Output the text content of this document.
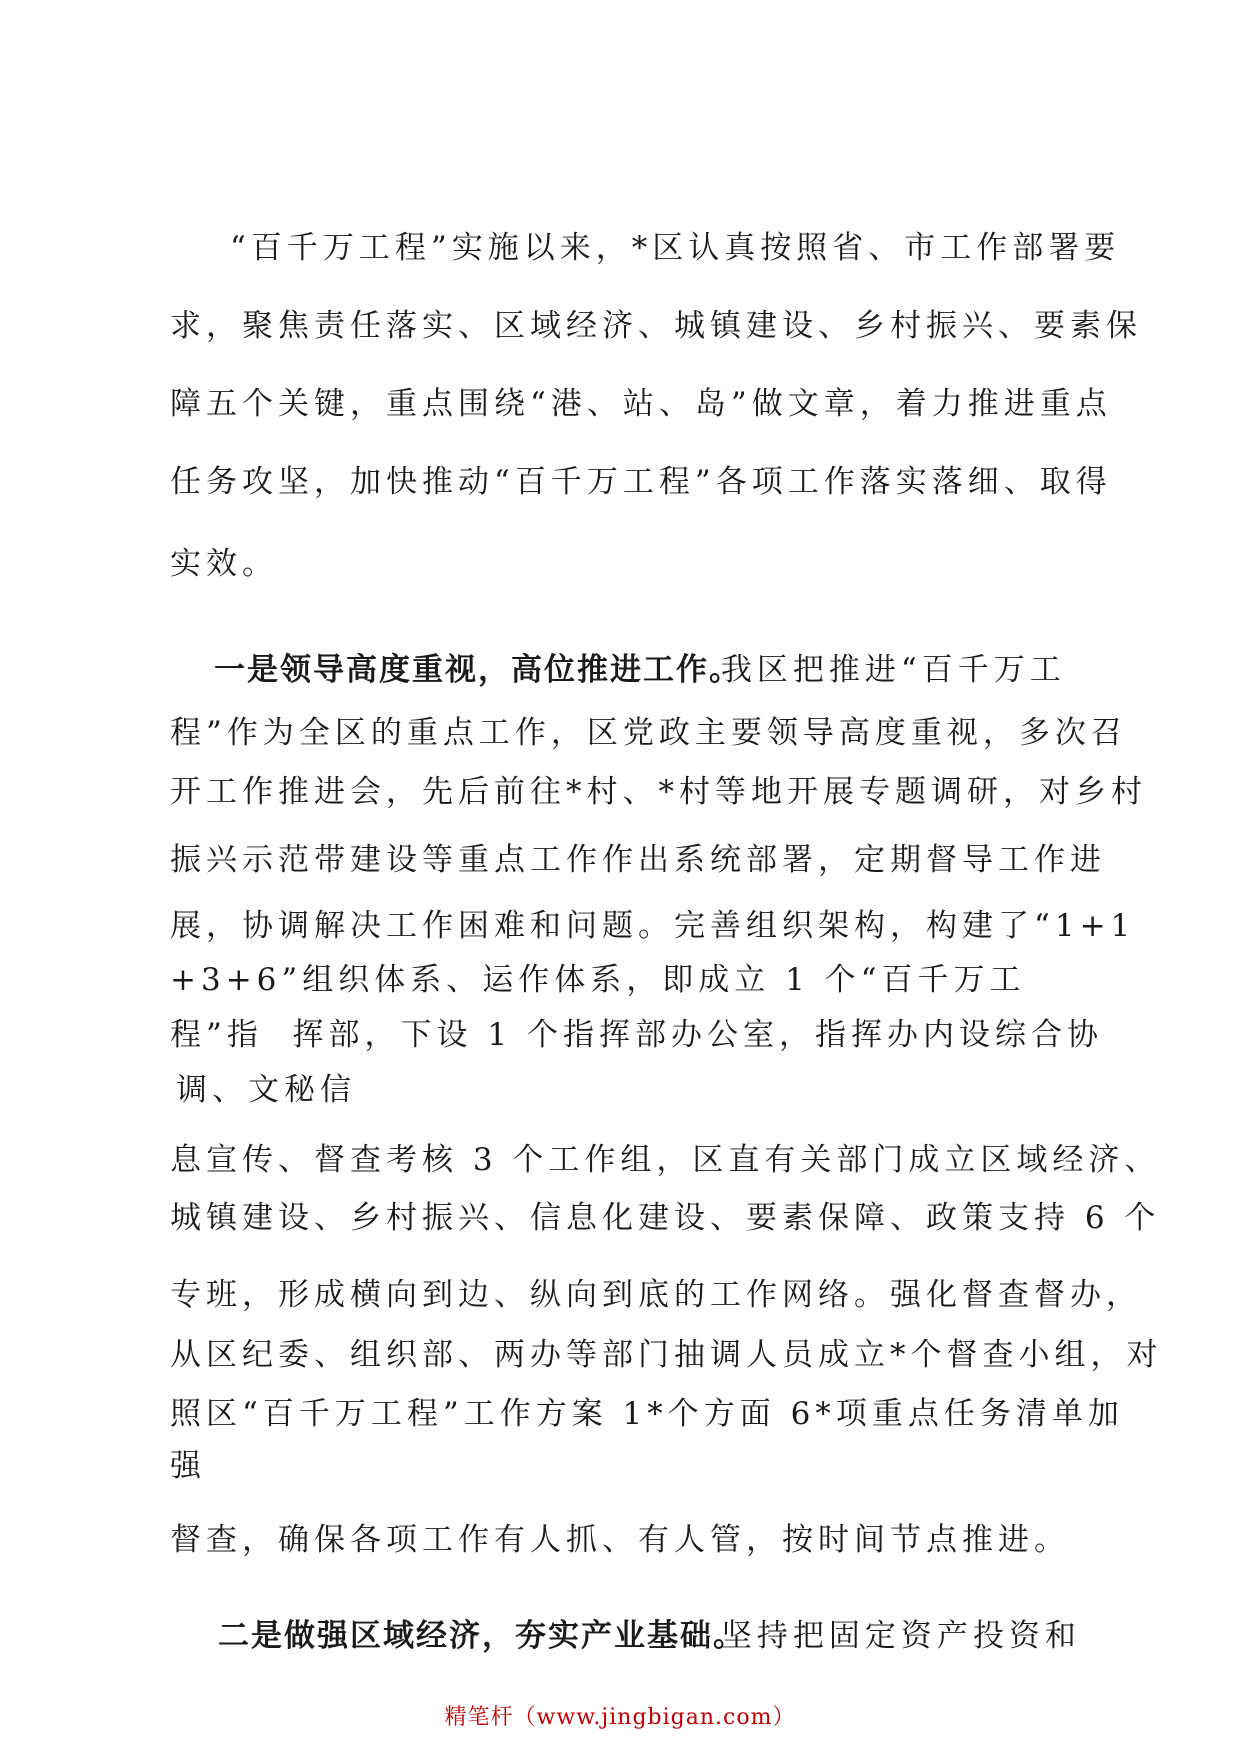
“百千万工程”实施以来，*区认真按照省、市工作部署要
求，聚焦责任落实、区域经济、城镇建设、乡村振兴、要素保
障五个关键，重点围绕“港、站、岛”做文章，着力推进重点
任务攻坚，加快推动“百千万工程”各项工作落实落细、取得
实效。
一是领导高度重视，高位推进工作。
我区把推进“百千万工
程”作为全区的重点工作，区党政主要领导高度重视，多次召
开工作推进会，先后前往*村、*村等地开展专题调研，对乡村
振兴示范带建设等重点工作作出系统部署，定期督导工作进
展，协调解决工作困难和问题。完善组织架构，构建了“1+1
+3+6”组织体系、运作体系，即成立 1 个“百千万工
程”指  挥部，下设 1 个指挥部办公室，指挥办内设综合协
调、文秘信
息宣传、督查考核 3 个工作组，区直有关部门成立区域经济、
城镇建设、乡村振兴、信息化建设、要素保障、政策支持 6 个
专班，形成横向到边、纵向到底的工作网络。强化督查督办，
从区纪委、组织部、两办等部门抽调人员成立*个督查小组，对
照区“百千万工程”工作方案 1*个方面 6*项重点任务清单加
强
督查，确保各项工作有人抓、有人管，按时间节点推进。
二是做强区域经济，夯实产业基础。
坚持把固定资产投资和
精笔杆（www.jingbigan.com）
